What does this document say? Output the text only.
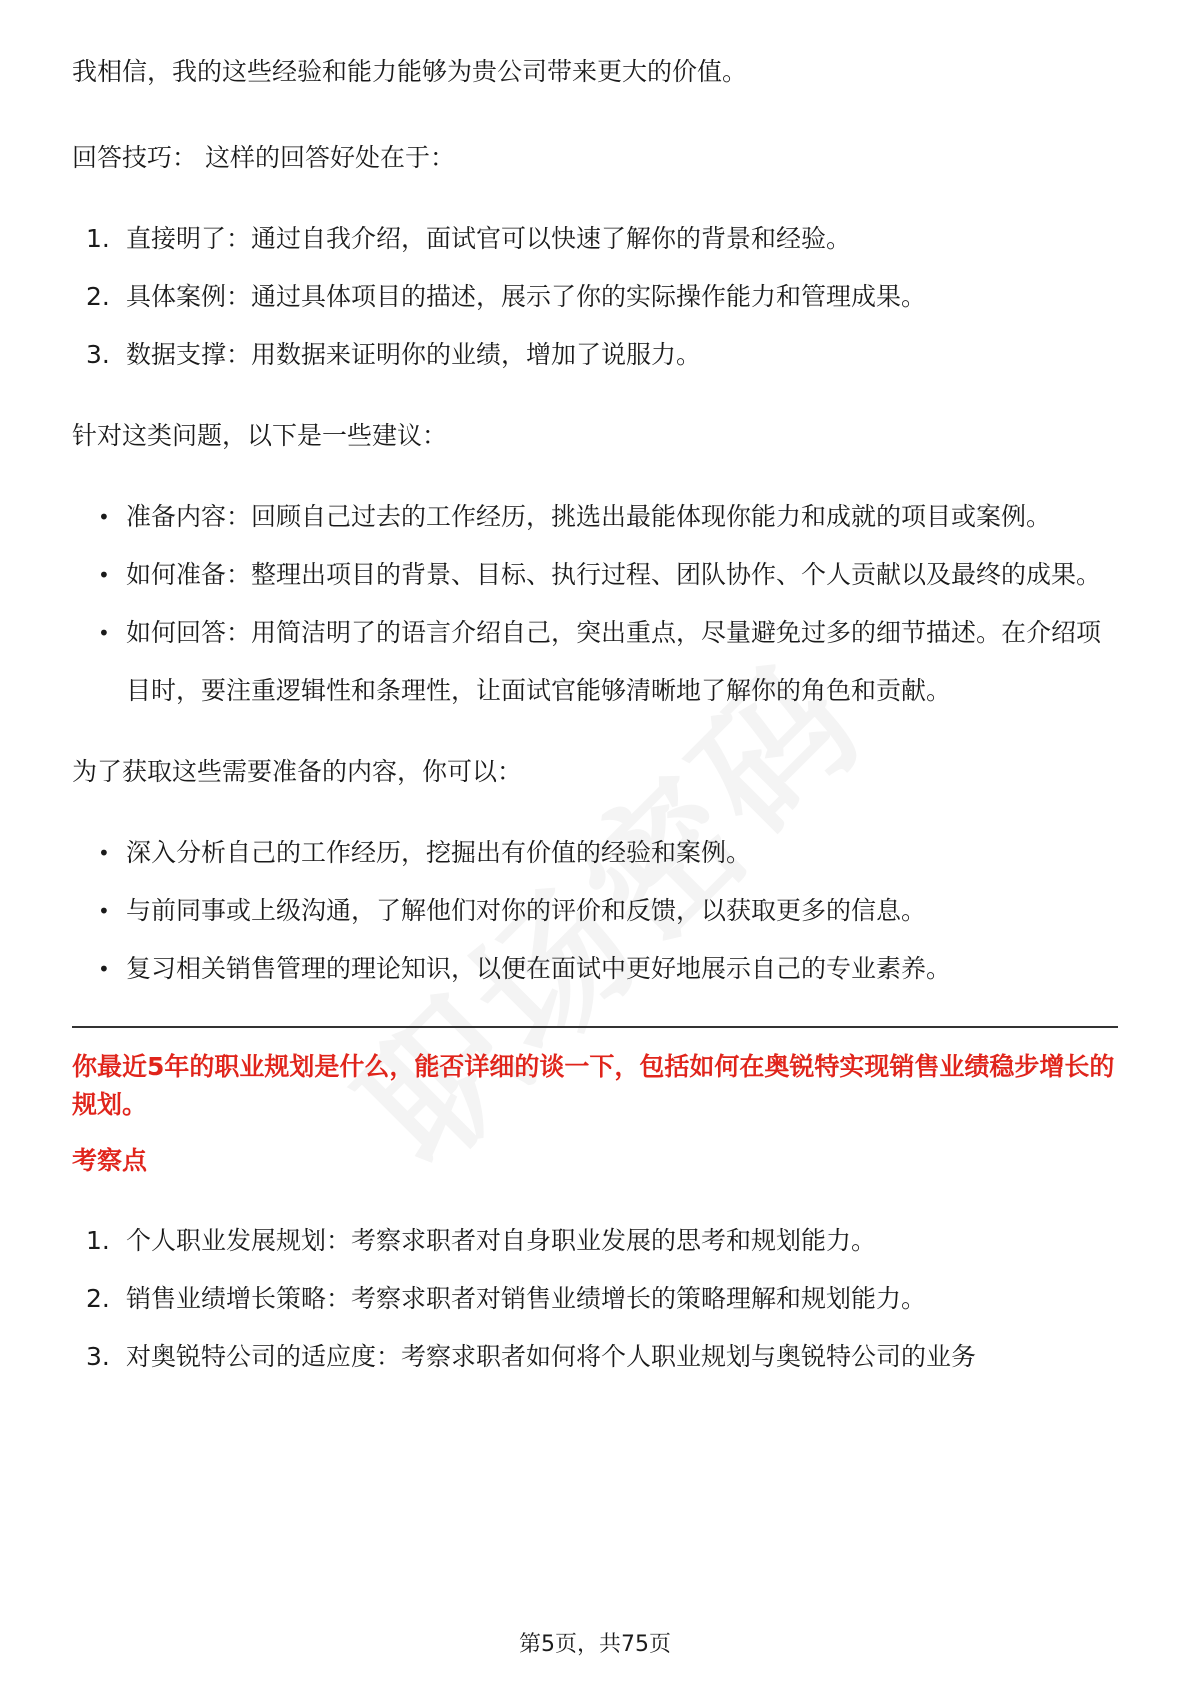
我相信，我的这些经验和能力能够为贵公司带来更大的价值。

回答技巧： 这样的回答好处在于：

1. 直接明了：通过自我介绍，面试官可以快速了解你的背景和经验。
2. 具体案例：通过具体项目的描述，展示了你的实际操作能力和管理成果。
3. 数据支撑：用数据来证明你的业绩，增加了说服力。

针对这类问题，以下是一些建议：

• 准备内容：回顾自己过去的工作经历，挑选出最能体现你能力和成就的项目或案例。
• 如何准备：整理出项目的背景、目标、执行过程、团队协作、个人贡献以及最终的成果。
• 如何回答：用简洁明了的语言介绍自己，突出重点，尽量避免过多的细节描述。在介绍项目时，要注重逻辑性和条理性，让面试官能够清晰地了解你的角色和贡献。

为了获取这些需要准备的内容，你可以：

• 深入分析自己的工作经历，挖掘出有价值的经验和案例。
• 与前同事或上级沟通，了解他们对你的评价和反馈，以获取更多的信息。
• 复习相关销售管理的理论知识，以便在面试中更好地展示自己的专业素养。

你最近5年的职业规划是什么，能否详细的谈一下，包括如何在奥锐特实现销售业绩稳步增长的规划。

考察点

1. 个人职业发展规划：考察求职者对自身职业发展的思考和规划能力。
2. 销售业绩增长策略：考察求职者对销售业绩增长的策略理解和规划能力。
3. 对奥锐特公司的适应度：考察求职者如何将个人职业规划与奥锐特公司的业务
第5页，共75页
